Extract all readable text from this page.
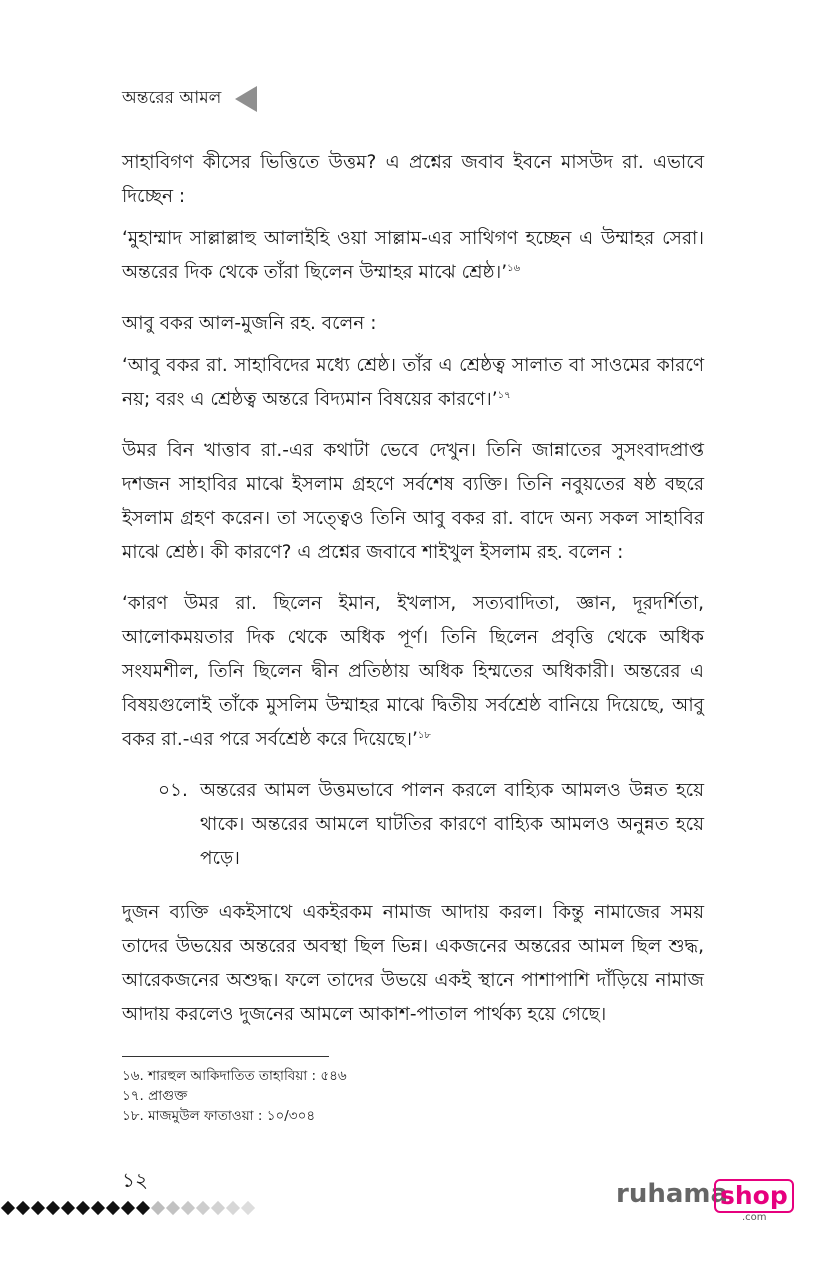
অন্তরের আমল

সাহাবিগণ কীসের ভিত্তিতে উত্তম? এ প্রশ্নের জবাব ইবনে মাসউদ রা. এভাবে দিচ্ছেন :

‘মুহাম্মাদ সাল্লাল্লাহু আলাইহি ওয়া সাল্লাম-এর সাথিগণ হচ্ছেন এ উম্মাহর সেরা। অন্তরের দিক থেকে তাঁরা ছিলেন উম্মাহর মাঝে শ্রেষ্ঠ।’$^{১৬}$

আবু বকর আল-মুজনি রহ. বলেন :

‘আবু বকর রা. সাহাবিদের মধ্যে শ্রেষ্ঠ। তাঁর এ শ্রেষ্ঠত্ব সালাত বা সাওমের কারণে নয়; বরং এ শ্রেষ্ঠত্ব অন্তরে বিদ্যমান বিষয়ের কারণে।’$^{১৭}$

উমর বিন খাত্তাব রা.-এর কথাটা ভেবে দেখুন। তিনি জান্নাতের সুসংবাদপ্রাপ্ত দশজন সাহাবির মাঝে ইসলাম গ্রহণে সর্বশেষ ব্যক্তি। তিনি নবুয়তের ষষ্ঠ বছরে ইসলাম গ্রহণ করেন। তা সত্ত্বেও তিনি আবু বকর রা. বাদে অন্য সকল সাহাবির মাঝে শ্রেষ্ঠ। কী কারণে? এ প্রশ্নের জবাবে শাইখুল ইসলাম রহ. বলেন :

‘কারণ উমর রা. ছিলেন ইমান, ইখলাস, সত্যবাদিতা, জ্ঞান, দূরদর্শিতা, আলোকময়তার দিক থেকে অধিক পূর্ণ। তিনি ছিলেন প্রবৃত্তি থেকে অধিক সংযমশীল, তিনি ছিলেন দ্বীন প্রতিষ্ঠায় অধিক হিম্মতের অধিকারী। অন্তরের এ বিষয়গুলোই তাঁকে মুসলিম উম্মাহর মাঝে দ্বিতীয় সর্বশ্রেষ্ঠ বানিয়ে দিয়েছে, আবু বকর রা.-এর পরে সর্বশ্রেষ্ঠ করে দিয়েছে।’$^{১৮}$

০১. অন্তরের আমল উত্তমভাবে পালন করলে বাহ্যিক আমলও উন্নত হয়ে থাকে। অন্তরের আমলে ঘাটতির কারণে বাহ্যিক আমলও অনুন্নত হয়ে পড়ে।

দুজন ব্যক্তি একইসাথে একইরকম নামাজ আদায় করল। কিন্তু নামাজের সময় তাদের উভয়ের অন্তরের অবস্থা ছিল ভিন্ন। একজনের অন্তরের আমল ছিল শুদ্ধ, আরেকজনের অশুদ্ধ। ফলে তাদের উভয়ে একই স্থানে পাশাপাশি দাঁড়িয়ে নামাজ আদায় করলেও দুজনের আমলে আকাশ-পাতাল পার্থক্য হয়ে গেছে।

১৬. শারহুল আকিদাতিত তাহাবিয়া : ৫৪৬
১৭. প্রাগুক্ত
১৮. মাজমুউল ফাতাওয়া : ১০/৩০৪
১২	ruhama
shop
.com
